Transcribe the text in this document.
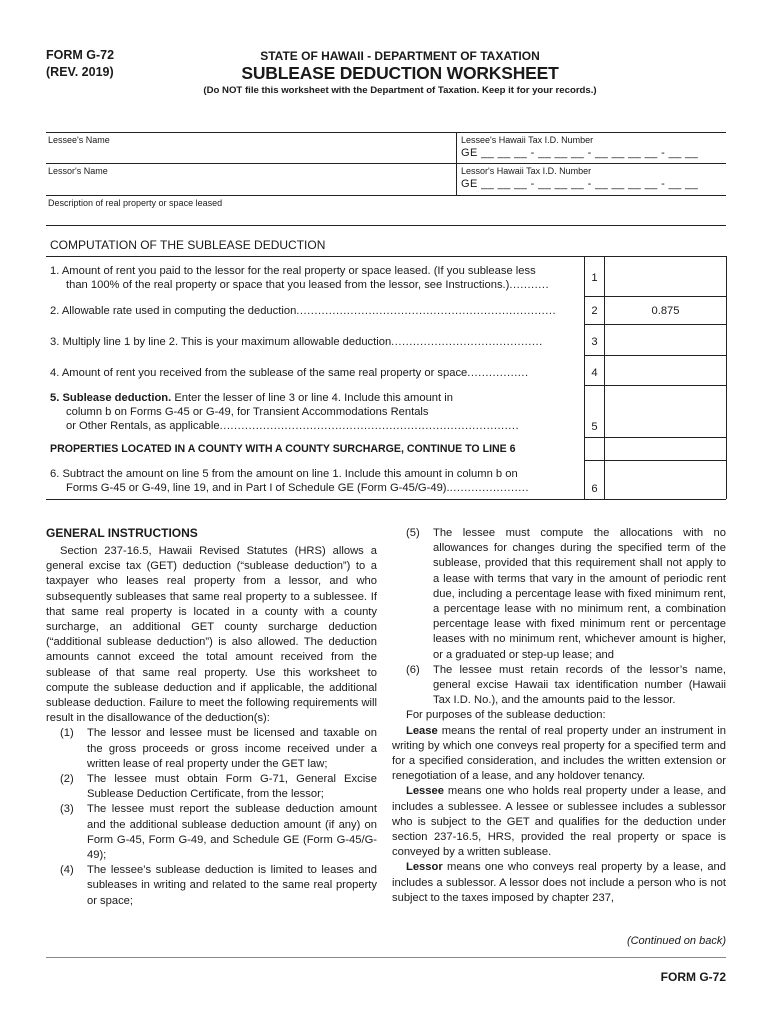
FORM G-72
(REV. 2019)
STATE OF HAWAII - DEPARTMENT OF TAXATION
SUBLEASE DEDUCTION WORKSHEET
(Do NOT file this worksheet with the Department of Taxation. Keep it for your records.)
Lessee's Name	Lessee's Hawaii Tax I.D. Number
GE __ __ __ - __ __ __ - __ __ __ __ - __ __
Lessor's Name	Lessor's Hawaii Tax I.D. Number
GE __ __ __ - __ __ __ - __ __ __ __ - __ __
Description of real property or space leased
COMPUTATION OF THE SUBLEASE DEDUCTION
1. Amount of rent you paid to the lessor for the real property or space leased. (If you sublease less
than 100% of the real property or space that you leased from the lessor, see Instructions.)...........
1
2. Allowable rate used in computing the deduction........................................................................	2	0.875
3. Multiply line 1 by line 2. This is your maximum allowable deduction..........................................	3
4. Amount of rent you received from the sublease of the same real property or space.................	4
5. Sublease deduction. Enter the lesser of line 3 or line 4. Include this amount in
column b on Forms G-45 or G-49, for Transient Accommodations Rentals
or Other Rentals, as applicable...................................................................................	5
PROPERTIES LOCATED IN A COUNTY WITH A COUNTY SURCHARGE, CONTINUE TO LINE 6
6. Subtract the amount on line 5 from the amount on line 1. Include this amount in column b on
Forms G-45 or G-49, line 19, and in Part I of Schedule GE (Form G-45/G-49).......................	6
GENERAL INSTRUCTIONS

Section 237-16.5, Hawaii Revised Statutes (HRS) allows a general excise tax (GET) deduction (“sublease deduction”) to a taxpayer who leases real property from a lessor, and who subsequently subleases that same real property to a sublessee. If that same real property is located in a county with a county surcharge, an additional GET county surcharge deduction (“additional sublease deduction”) is also allowed. The deduction amounts cannot exceed the total amount received from the sublease of that same real property. Use this worksheet to compute the sublease deduction and if applicable, the additional sublease deduction. Failure to meet the following requirements will result in the disallowance of the deduction(s):

(1) The lessor and lessee must be licensed and taxable on the gross proceeds or gross income received under a written lease of real property under the GET law;

(2) The lessee must obtain Form G-71, General Excise Sublease Deduction Certificate, from the lessor;

(3) The lessee must report the sublease deduction amount and the additional sublease deduction amount (if any) on Form G-45, Form G-49, and Schedule GE (Form G-45/G-49);

(4) The lessee’s sublease deduction is limited to leases and subleases in writing and related to the same real property or space;

(5) The lessee must compute the allocations with no allowances for changes during the specified term of the sublease, provided that this requirement shall not apply to a lease with terms that vary in the amount of periodic rent due, including a percentage lease with fixed minimum rent, a percentage lease with no minimum rent, a combination percentage lease with fixed minimum rent or percentage leases with no minimum rent, whichever amount is higher, or a graduated or step-up lease; and

(6) The lessee must retain records of the lessor’s name, general excise Hawaii tax identification number (Hawaii Tax I.D. No.), and the amounts paid to the lessor.

For purposes of the sublease deduction:

Lease means the rental of real property under an instrument in writing by which one conveys real property for a specified term and for a specified consideration, and includes the written extension or renegotiation of a lease, and any holdover tenancy.

Lessee means one who holds real property under a lease, and includes a sublessee. A lessee or sublessee includes a sublessor who is subject to the GET and qualifies for the deduction under section 237-16.5, HRS, provided the real property or space is conveyed by a written sublease.

Lessor means one who conveys real property by a lease, and includes a sublessor. A lessor does not include a person who is not subject to the taxes imposed by chapter 237,

(Continued on back)
FORM G-72
